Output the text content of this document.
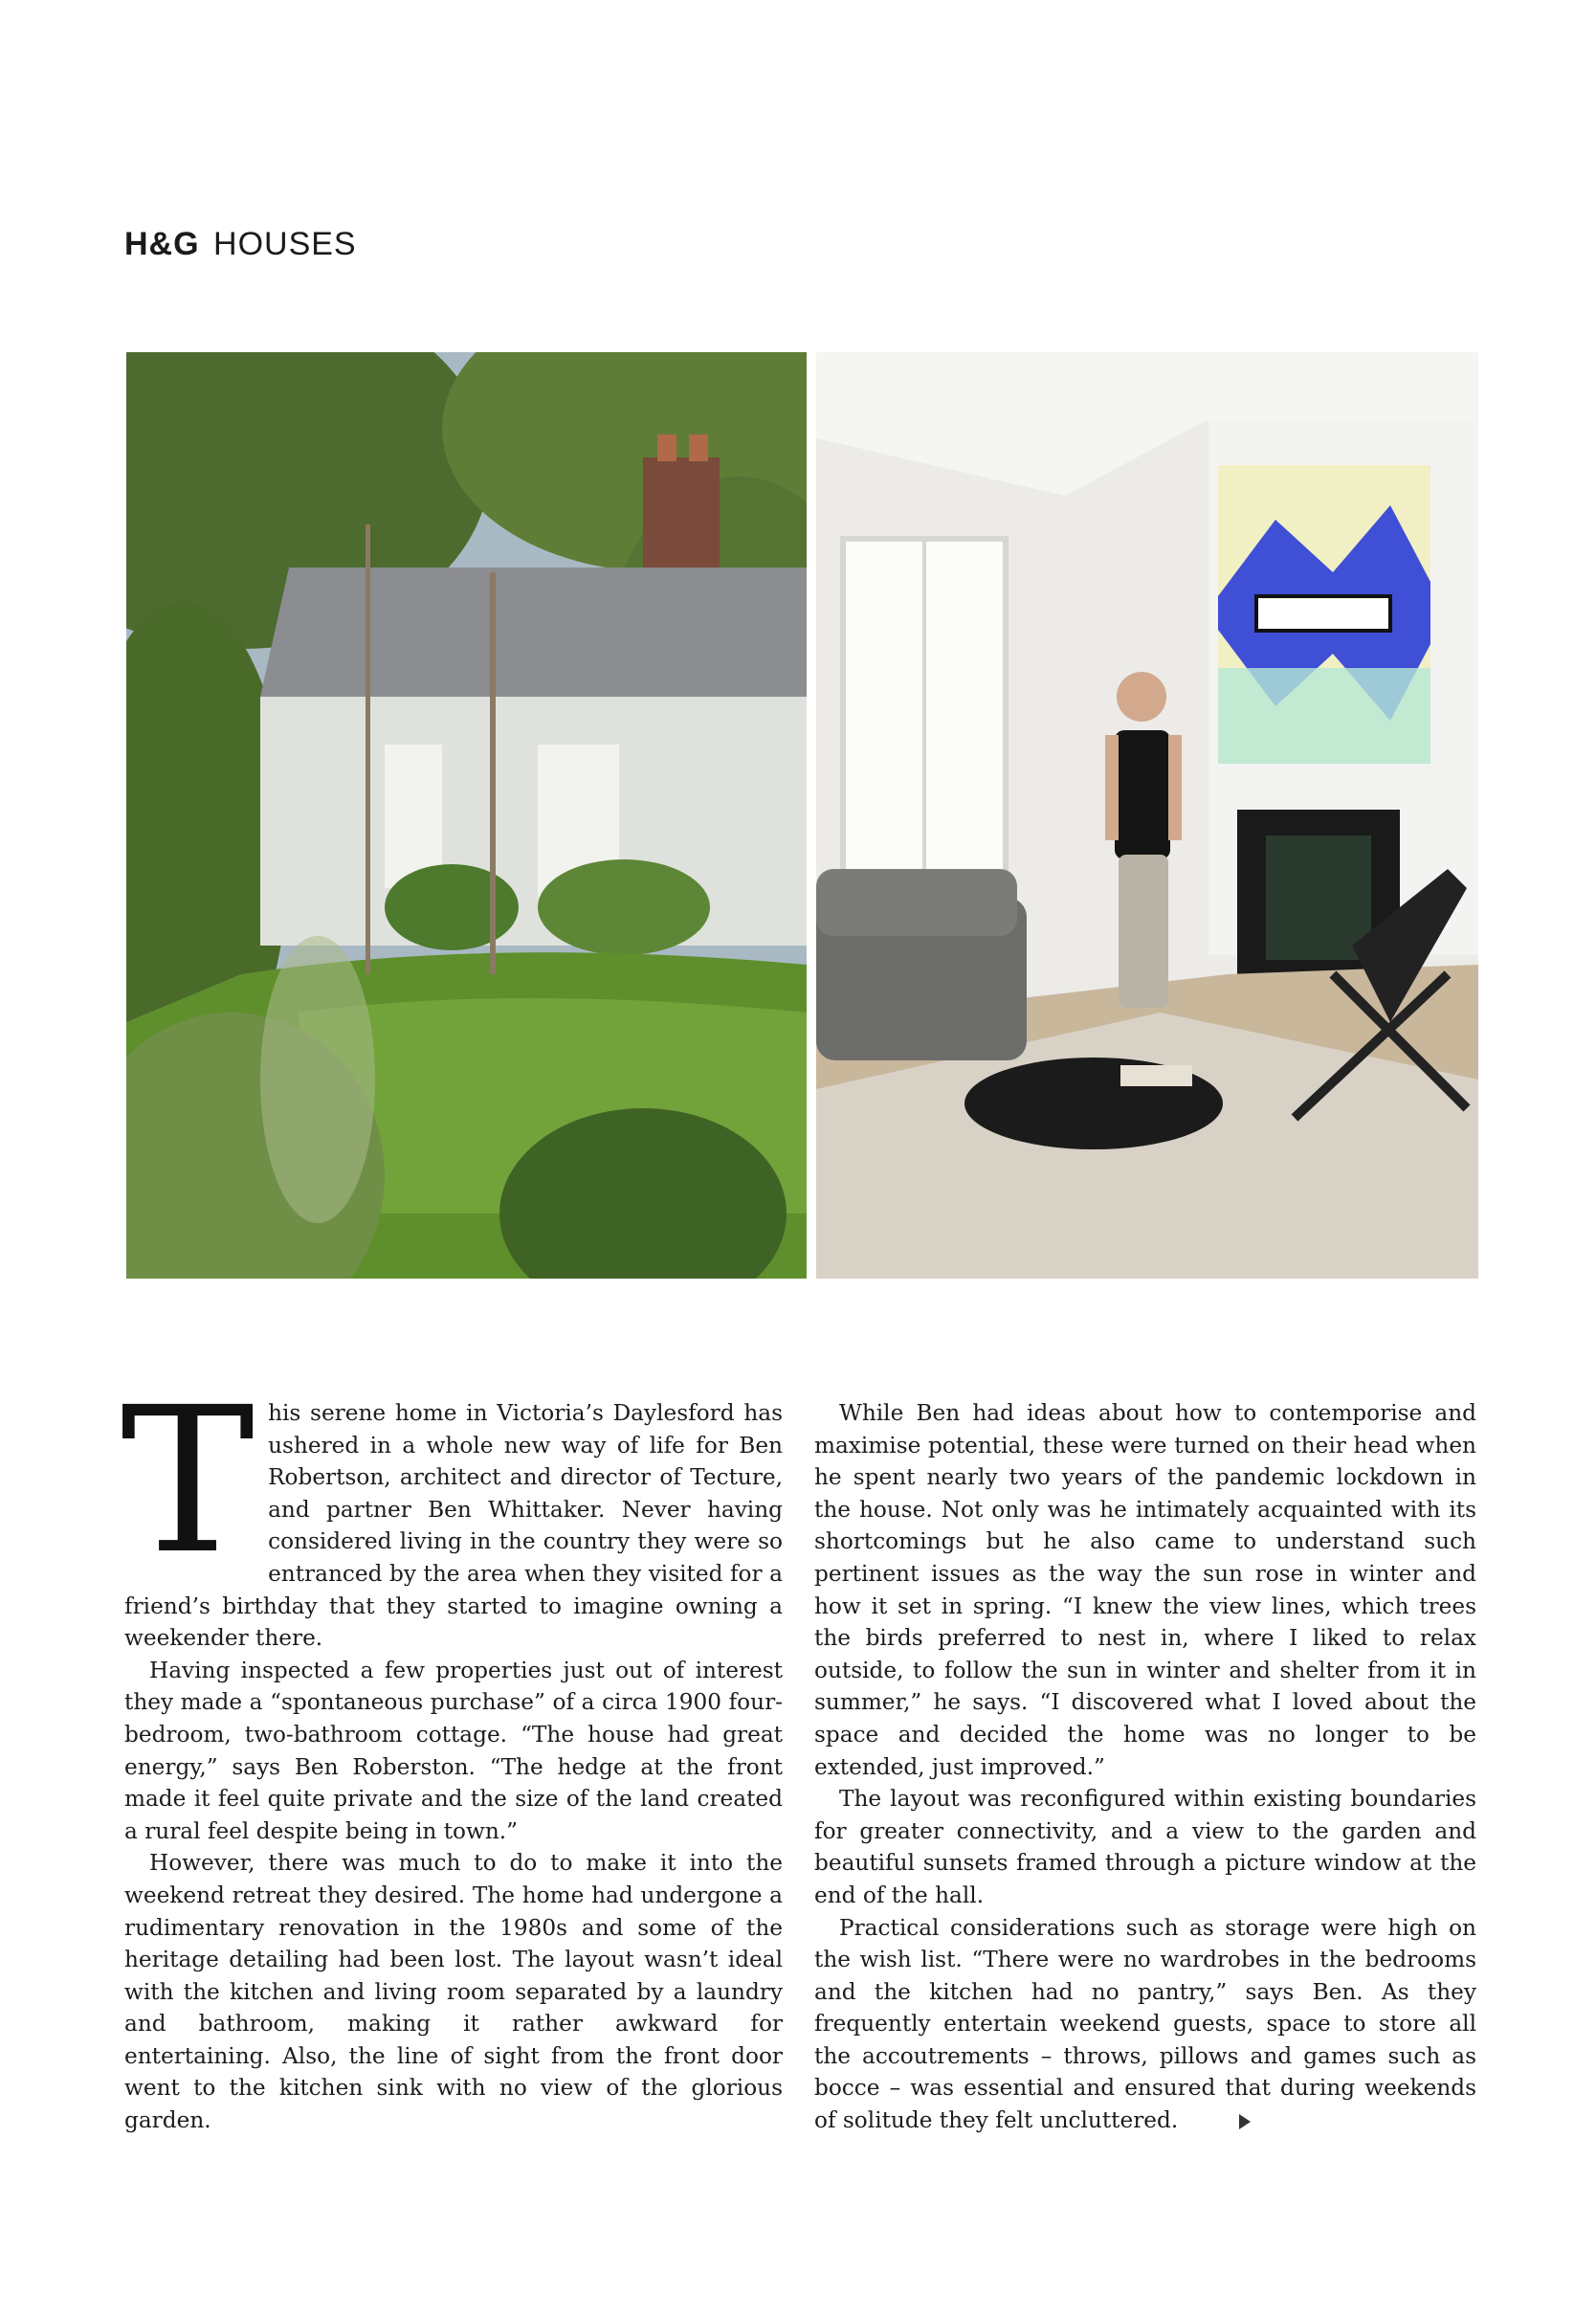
H&G HOUSES

This serene home in Victoria’s Daylesford has ushered in a whole new way of life for Ben Robertson, architect and director of Tecture, and partner Ben Whittaker. Never having considered living in the country they were so entranced by the area when they visited for a friend’s birthday that they started to imagine owning a weekender there.

Having inspected a few properties just out of interest they made a “spontaneous purchase” of a circa 1900 four-bedroom, two-bathroom cottage. “The house had great energy,” says Ben Roberston. “The hedge at the front made it feel quite private and the size of the land created a rural feel despite being in town.”

However, there was much to do to make it into the weekend retreat they desired. The home had undergone a rudimentary renovation in the 1980s and some of the heritage detailing had been lost. The layout wasn’t ideal with the kitchen and living room separated by a laundry and bathroom, making it rather awkward for entertaining. Also, the line of sight from the front door went to the kitchen sink with no view of the glorious garden.

While Ben had ideas about how to contemporise and maximise potential, these were turned on their head when he spent nearly two years of the pandemic lockdown in the house. Not only was he intimately acquainted with its shortcomings but he also came to understand such pertinent issues as the way the sun rose in winter and how it set in spring. “I knew the view lines, which trees the birds preferred to nest in, where I liked to relax outside, to follow the sun in winter and shelter from it in summer,” he says. “I discovered what I loved about the space and decided the home was no longer to be extended, just improved.”

The layout was reconfigured within existing boundaries for greater connectivity, and a view to the garden and beautiful sunsets framed through a picture window at the end of the hall.

Practical considerations such as storage were high on the wish list. “There were no wardrobes in the bedrooms and the kitchen had no pantry,” says Ben. As they frequently entertain weekend guests, space to store all the accoutrements – throws, pillows and games such as bocce – was essential and ensured that during weekends of solitude they felt uncluttered.
